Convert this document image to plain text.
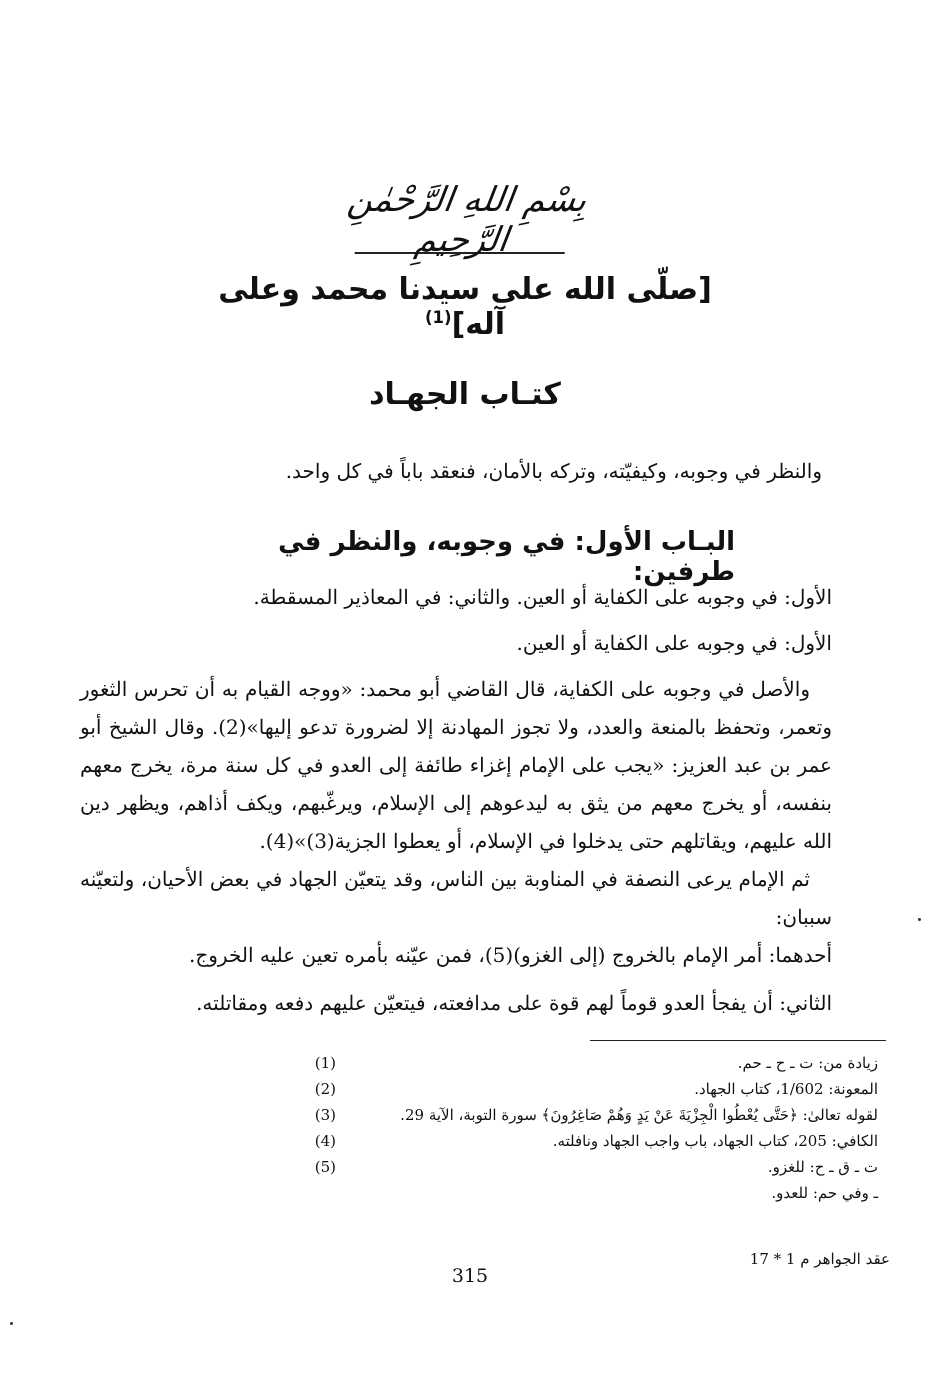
بِسْمِ اللهِ الرَّحْمٰنِ الرَّحِيمِ
[صلّى الله على سيدنا محمد وعلى آله]$^{(1)}$
كتـاب الجهـاد
والنظر في وجوبه، وكيفيّته، وتركه بالأمان، فنعقد باباً في كل واحد.
البـاب الأول: في وجوبه، والنظر في طرفين:
الأول: في وجوبه على الكفاية أو العين. والثاني: في المعاذير المسقطة.
الأول: في وجوبه على الكفاية أو العين.
والأصل في وجوبه على الكفاية، قال القاضي أبو محمد: «ووجه القيام به أن تحرس الثغور وتعمر، وتحفظ بالمنعة والعدد، ولا تجوز المهادنة إلا لضرورة تدعو إليها»(2). وقال الشيخ أبو عمر بن عبد العزيز: «يجب على الإمام إغزاء طائفة إلى العدو في كل سنة مرة، يخرج معهم بنفسه، أو يخرج معهم من يثق به ليدعوهم إلى الإسلام، ويرغّبهم، ويكف أذاهم، ويظهر دين الله عليهم، ويقاتلهم حتى يدخلوا في الإسلام، أو يعطوا الجزية(3)»(4).
ثم الإمام يرعى النصفة في المناوبة بين الناس، وقد يتعيّن الجهاد في بعض الأحيان، ولتعيّنه سببان:
أحدهما: أمر الإمام بالخروج (إلى الغزو)(5)، فمن عيّنه بأمره تعين عليه الخروج.
الثاني: أن يفجأ العدو قوماً لهم قوة على مدافعته، فيتعيّن عليهم دفعه ومقاتلته.
(1)	زيادة من: ت ـ ح ـ حم.
(2)	المعونة: 1/602، كتاب الجهاد.
(3)	لقوله تعالىٰ: ﴿حَتَّى يُعْطُوا الْجِزْيَةَ عَنْ يَدٍ وَهُمْ صَاغِرُونَ﴾ سورة التوبة، الآية 29.
(4)	الكافي: 205، كتاب الجهاد، باب واجب الجهاد ونافلته.
(5)	ت ـ ق ـ ح: للغزو.
ـ وفي حم: للعدو.
عقد الجواهر م 1 * 17
315
